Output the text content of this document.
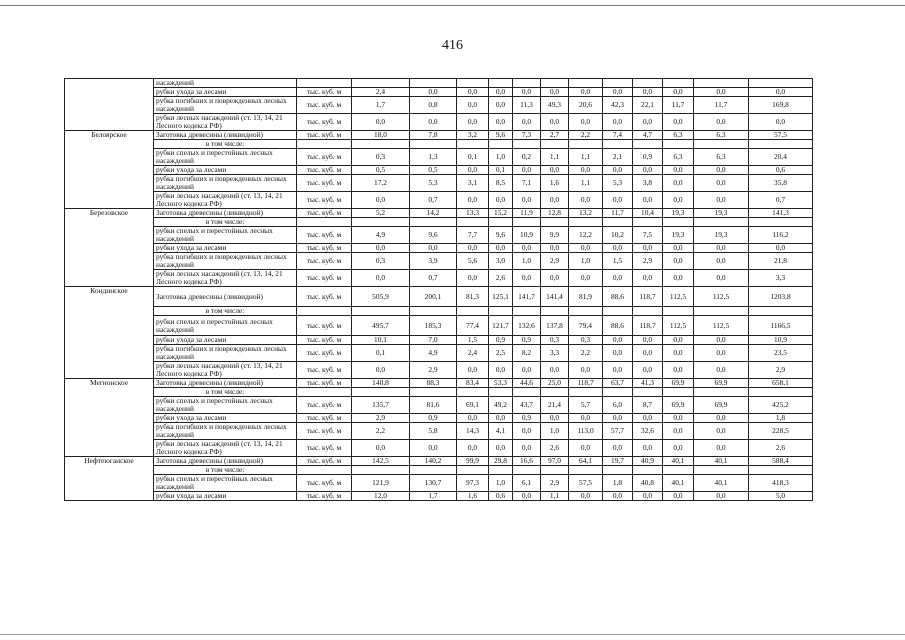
416
	насаждений													
	рубки ухода за лесами	тыс. куб. м	2,4	0,0	0,0	0,0	0,0	0,0	0,0	0,0	0,0	0,0	0,0	0,0
	рубка погибших и поврежденных лесных насаждений	тыс. куб. м	1,7	0,8	0,0	0,0	11,3	49,3	20,6	42,3	22,1	11,7	11,7	169,8
	рубки лесных насаждений (ст. 13, 14, 21 Лесного кодекса РФ)	тыс. куб. м	0,0	0,0	0,0	0,0	0,0	0,0	0,0	0,0	0,0	0,0	0,0	0,0
Белоярское	Заготовка древесины (ликвидной)	тыс. куб. м	18,0	7,8	3,2	9,6	7,3	2,7	2,2	7,4	4,7	6,3	6,3	57,5
	в том числе:													
	рубки спелых и перестойных лесных насаждений	тыс. куб. м	0,3	1,3	0,1	1,0	0,2	1,1	1,1	2,1	0,9	6,3	6,3	20,4
	рубки ухода за лесами	тыс. куб. м	0,5	0,5	0,0	0,1	0,0	0,0	0,0	0,0	0,0	0,0	0,0	0,6
	рубка погибших и поврежденных лесных насаждений	тыс. куб. м	17,2	5,3	3,1	8,5	7,1	1,6	1,1	5,3	3,8	0,0	0,0	35,8
	рубки лесных насаждений (ст. 13, 14, 21 Лесного кодекса РФ)	тыс. куб. м	0,0	0,7	0,0	0,0	0,0	0,0	0,0	0,0	0,0	0,0	0,0	0,7
Березовское	Заготовка древесины (ликвидной)	тыс. куб. м	5,2	14,2	13,3	15,2	11,9	12,8	13,2	11,7	10,4	19,3	19,3	141,3
	в том числе:													
	рубки спелых и перестойных лесных насаждений	тыс. куб. м	4,9	9,6	7,7	9,6	10,9	9,9	12,2	10,2	7,5	19,3	19,3	116,2
	рубки ухода за лесами	тыс. куб. м	0,0	0,0	0,0	0,0	0,0	0,0	0,0	0,0	0,0	0,0	0,0	0,0
	рубка погибших и поврежденных лесных насаждений	тыс. куб. м	0,3	3,9	5,6	3,0	1,0	2,9	1,0	1,5	2,9	0,0	0,0	21,8
	рубки лесных насаждений (ст. 13, 14, 21 Лесного кодекса РФ)	тыс. куб. м	0,0	0,7	0,0	2,6	0,0	0,0	0,0	0,0	0,0	0,0	0,0	3,3
Кондинское	Заготовка древесины (ликвидной)	тыс. куб. м	505,9	200,1	81,3	125,1	141,7	141,4	81,9	88,6	118,7	112,5	112,5	1203,8
	в том числе:													
	рубки спелых и перестойных лесных насаждений	тыс. куб. м	495,7	185,3	77,4	121,7	132,6	137,8	79,4	88,6	118,7	112,5	112,5	1166,5
	рубки ухода за лесами	тыс. куб. м	10,1	7,0	1,5	0,9	0,9	0,3	0,3	0,0	0,0	0,0	0,0	10,9
	рубка погибших и поврежденных лесных насаждений	тыс. куб. м	0,1	4,9	2,4	2,5	8,2	3,3	2,2	0,0	0,0	0,0	0,0	23,5
	рубки лесных насаждений (ст. 13, 14, 21 Лесного кодекса РФ)	тыс. куб. м	0,0	2,9	0,0	0,0	0,0	0,0	0,0	0,0	0,0	0,0	0,0	2,9
Мегионское	Заготовка древесины (ликвидной)	тыс. куб. м	140,8	88,3	83,4	53,3	44,6	25,0	118,7	63,7	41,3	69,9	69,9	658,1
	в том числе:													
	рубки спелых и перестойных лесных насаждений	тыс. куб. м	135,7	81,6	69,1	49,2	43,7	21,4	5,7	6,0	8,7	69,9	69,9	425,2
	рубки ухода за лесами	тыс. куб. м	2,9	0,9	0,0	0,0	0,9	0,0	0,0	0,0	0,0	0,0	0,0	1,8
	рубка погибших и поврежденных лесных насаждений	тыс. куб. м	2,2	5,8	14,3	4,1	0,0	1,0	113,0	57,7	32,6	0,0	0,0	228,5
	рубки лесных насаждений (ст. 13, 14, 21 Лесного кодекса РФ)	тыс. куб. м	0,0	0,0	0,0	0,0	0,0	2,6	0,0	0,0	0,0	0,0	0,0	2,6
Нефтеюганское	Заготовка древесины (ликвидной)	тыс. куб. м	142,5	140,2	99,9	29,8	16,6	97,0	64,1	19,7	40,9	40,1	40,1	588,4
	в том числе:													
	рубки спелых и перестойных лесных насаждений	тыс. куб. м	121,9	130,7	97,3	1,0	6,1	2,9	57,5	1,8	40,8	40,1	40,1	418,3
	рубки ухода за лесами	тыс. куб. м	12,0	1,7	1,6	0,6	0,0	1,1	0,0	0,0	0,0	0,0	0,0	5,0
